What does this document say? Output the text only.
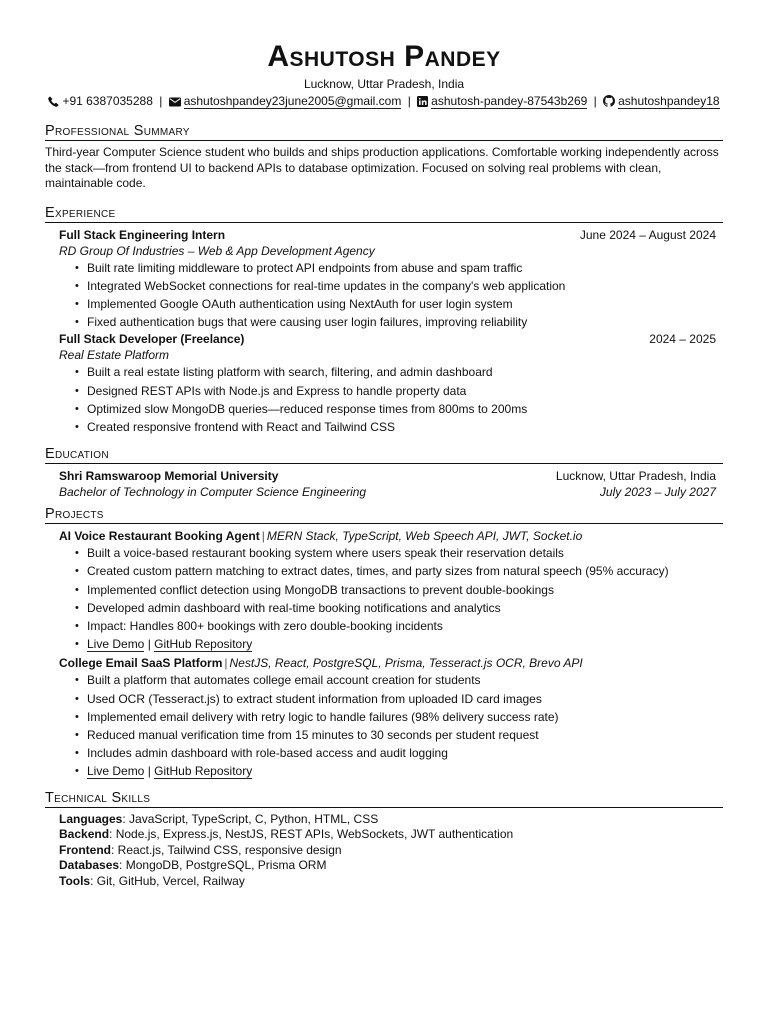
Ashutosh Pandey
Lucknow, Uttar Pradesh, India
+91 6387035288 | ashutoshpandey23june2005@gmail.com | ashutosh-pandey-87543b269 | ashutoshpandey18
Professional Summary
Third-year Computer Science student who builds and ships production applications. Comfortable working independently across the stack—from frontend UI to backend APIs to database optimization. Focused on solving real problems with clean, maintainable code.
Experience
Full Stack Engineering Intern	June 2024 – August 2024
RD Group Of Industries – Web & App Development Agency
• Built rate limiting middleware to protect API endpoints from abuse and spam traffic
• Integrated WebSocket connections for real-time updates in the company's web application
• Implemented Google OAuth authentication using NextAuth for user login system
• Fixed authentication bugs that were causing user login failures, improving reliability
Full Stack Developer (Freelance)	2024 – 2025
Real Estate Platform
• Built a real estate listing platform with search, filtering, and admin dashboard
• Designed REST APIs with Node.js and Express to handle property data
• Optimized slow MongoDB queries—reduced response times from 800ms to 200ms
• Created responsive frontend with React and Tailwind CSS
Education
Shri Ramswaroop Memorial University	Lucknow, Uttar Pradesh, India
Bachelor of Technology in Computer Science Engineering	July 2023 – July 2027
Projects
AI Voice Restaurant Booking Agent | MERN Stack, TypeScript, Web Speech API, JWT, Socket.io
• Built a voice-based restaurant booking system where users speak their reservation details
• Created custom pattern matching to extract dates, times, and party sizes from natural speech (95% accuracy)
• Implemented conflict detection using MongoDB transactions to prevent double-bookings
• Developed admin dashboard with real-time booking notifications and analytics
• Impact: Handles 800+ bookings with zero double-booking incidents
• Live Demo | GitHub Repository
College Email SaaS Platform | NestJS, React, PostgreSQL, Prisma, Tesseract.js OCR, Brevo API
• Built a platform that automates college email account creation for students
• Used OCR (Tesseract.js) to extract student information from uploaded ID card images
• Implemented email delivery with retry logic to handle failures (98% delivery success rate)
• Reduced manual verification time from 15 minutes to 30 seconds per student request
• Includes admin dashboard with role-based access and audit logging
• Live Demo | GitHub Repository
Technical Skills
Languages: JavaScript, TypeScript, C, Python, HTML, CSS
Backend: Node.js, Express.js, NestJS, REST APIs, WebSockets, JWT authentication
Frontend: React.js, Tailwind CSS, responsive design
Databases: MongoDB, PostgreSQL, Prisma ORM
Tools: Git, GitHub, Vercel, Railway
